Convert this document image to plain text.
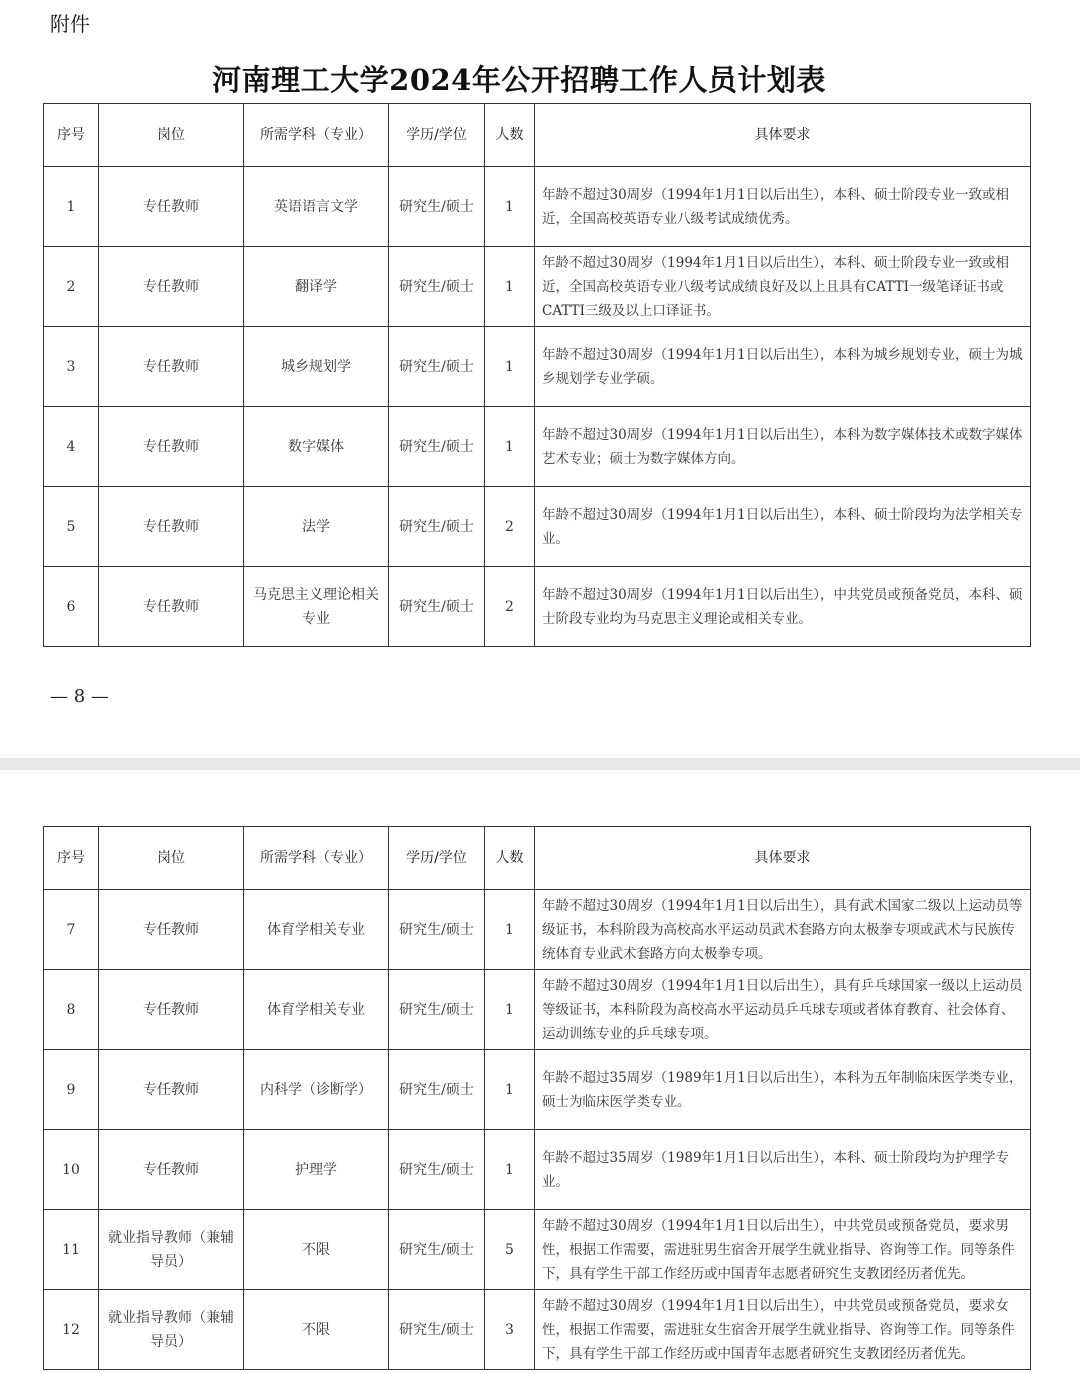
附件
河南理工大学2024年公开招聘工作人员计划表
序号	岗位	所需学科（专业）	学历/学位	人数	具体要求
1	专任教师	英语语言文学	研究生/硕士	1	年龄不超过30周岁（1994年1月1日以后出生），本科、硕士阶段专业一致或相近，全国高校英语专业八级考试成绩优秀。
2	专任教师	翻译学	研究生/硕士	1	年龄不超过30周岁（1994年1月1日以后出生），本科、硕士阶段专业一致或相近，全国高校英语专业八级考试成绩良好及以上且具有CATTI一级笔译证书或CATTI三级及以上口译证书。
3	专任教师	城乡规划学	研究生/硕士	1	年龄不超过30周岁（1994年1月1日以后出生），本科为城乡规划专业，硕士为城乡规划学专业学硕。
4	专任教师	数字媒体	研究生/硕士	1	年龄不超过30周岁（1994年1月1日以后出生），本科为数字媒体技术或数字媒体艺术专业；硕士为数字媒体方向。
5	专任教师	法学	研究生/硕士	2	年龄不超过30周岁（1994年1月1日以后出生），本科、硕士阶段均为法学相关专业。
6	专任教师	马克思主义理论相关专业	研究生/硕士	2	年龄不超过30周岁（1994年1月1日以后出生），中共党员或预备党员，本科、硕士阶段专业均为马克思主义理论或相关专业。
— 8 —
序号	岗位	所需学科（专业）	学历/学位	人数	具体要求
7	专任教师	体育学相关专业	研究生/硕士	1	年龄不超过30周岁（1994年1月1日以后出生），具有武术国家二级以上运动员等级证书，本科阶段为高校高水平运动员武术套路方向太极拳专项或武术与民族传统体育专业武术套路方向太极拳专项。
8	专任教师	体育学相关专业	研究生/硕士	1	年龄不超过30周岁（1994年1月1日以后出生），具有乒乓球国家一级以上运动员等级证书，本科阶段为高校高水平运动员乒乓球专项或者体育教育、社会体育、运动训练专业的乒乓球专项。
9	专任教师	内科学（诊断学）	研究生/硕士	1	年龄不超过35周岁（1989年1月1日以后出生），本科为五年制临床医学类专业，硕士为临床医学类专业。
10	专任教师	护理学	研究生/硕士	1	年龄不超过35周岁（1989年1月1日以后出生），本科、硕士阶段均为护理学专业。
11	就业指导教师（兼辅导员）	不限	研究生/硕士	5	年龄不超过30周岁（1994年1月1日以后出生），中共党员或预备党员，要求男性，根据工作需要，需进驻男生宿舍开展学生就业指导、咨询等工作。同等条件下，具有学生干部工作经历或中国青年志愿者研究生支教团经历者优先。
12	就业指导教师（兼辅导员）	不限	研究生/硕士	3	年龄不超过30周岁（1994年1月1日以后出生），中共党员或预备党员，要求女性，根据工作需要，需进驻女生宿舍开展学生就业指导、咨询等工作。同等条件下，具有学生干部工作经历或中国青年志愿者研究生支教团经历者优先。
